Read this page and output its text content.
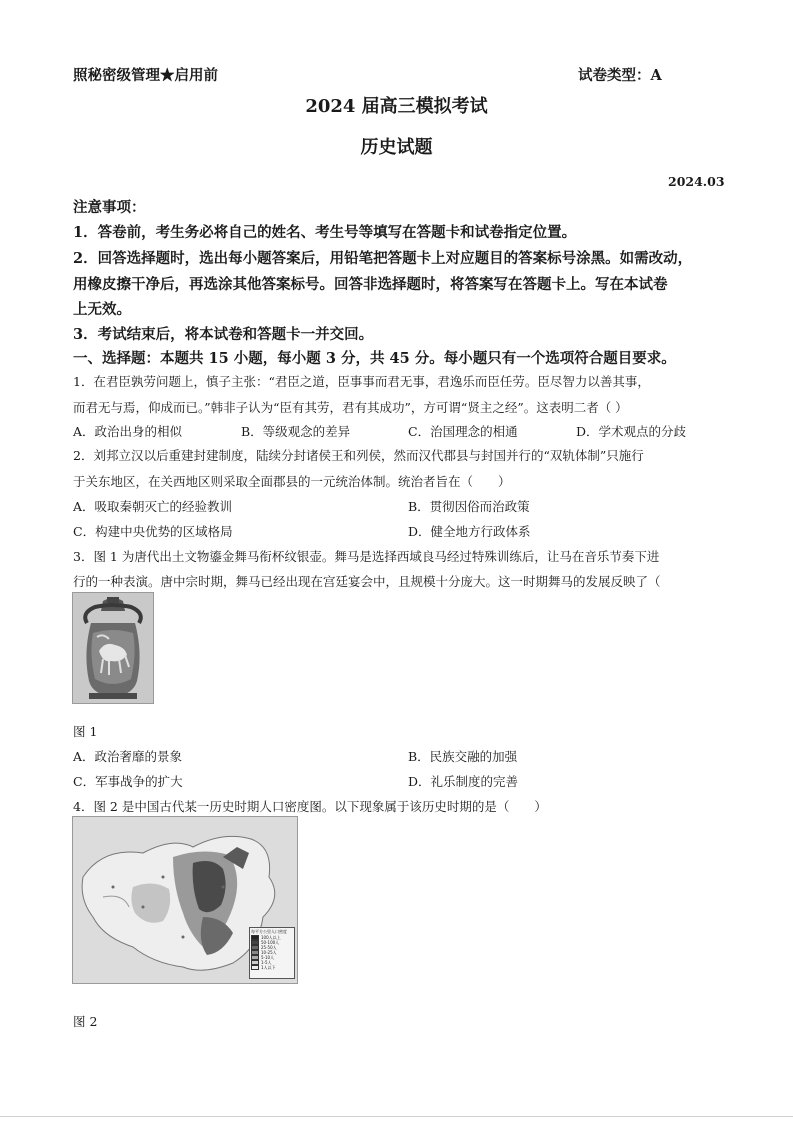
照秘密级管理★启用前	试卷类型：A
2024 届高三模拟考试
历史试题
2024.03
注意事项：
1．答卷前，考生务必将自己的姓名、考生号等填写在答题卡和试卷指定位置。
2．回答选择题时，选出每小题答案后，用铅笔把答题卡上对应题目的答案标号涂黑。如需改动，
用橡皮擦干净后，再选涂其他答案标号。回答非选择题时，将答案写在答题卡上。写在本试卷
上无效。
3．考试结束后，将本试卷和答题卡一并交回。
一、选择题：本题共 15 小题，每小题 3 分，共 45 分。每小题只有一个选项符合题目要求。
1．在君臣孰劳问题上，慎子主张：“君臣之道，臣事事而君无事，君逸乐而臣任劳。臣尽智力以善其事，
而君无与焉，仰成而已。”韩非子认为“臣有其劳，君有其成功”，方可谓“贤主之经”。这表明二者（ ）
A．政治出身的相似	B．等级观念的差异	C．治国理念的相通	D．学术观点的分歧
2．刘邦立汉以后重建封建制度，陆续分封诸侯王和列侯，然而汉代郡县与封国并行的“双轨体制”只施行
于关东地区，在关西地区则采取全面郡县的一元统治体制。统治者旨在（　　）
A．吸取秦朝灭亡的经验教训	B．贯彻因俗而治政策
C．构建中央优势的区域格局	D．健全地方行政体系
3．图 1 为唐代出土文物鎏金舞马衔杯纹银壶。舞马是选择西域良马经过特殊训练后，让马在音乐节奏下进
行的一种表演。唐中宗时期，舞马已经出现在宫廷宴会中，且规模十分庞大。这一时期舞马的发展反映了（
图 1
A．政治奢靡的景象	B．民族交融的加强
C．军事战争的扩大	D．礼乐制度的完善
4．图 2 是中国古代某一历史时期人口密度图。以下现象属于该历史时期的是（　　）
每平方公里人口密度
100人以上
50-100人
25-50人
10-25人
5-10人
1-5人
1人以下
图 2
